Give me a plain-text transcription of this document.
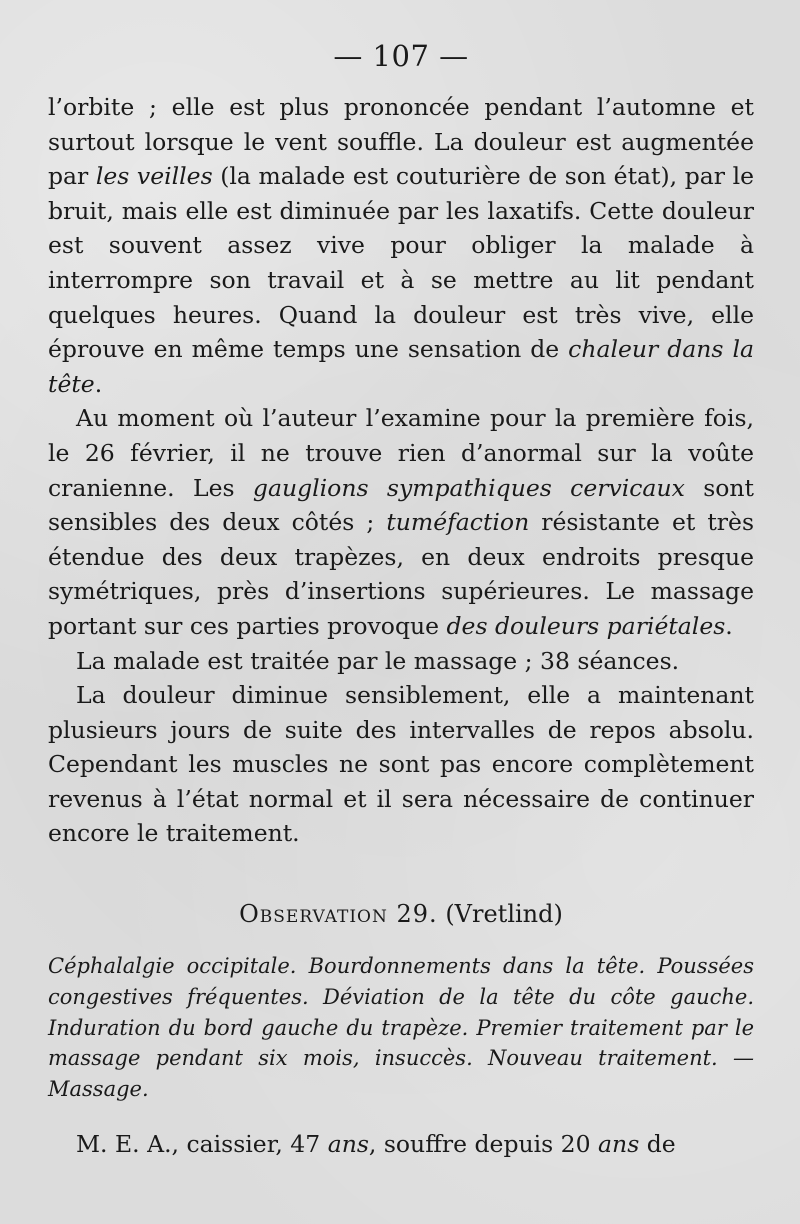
— 107 —

l’orbite ; elle est plus prononcée pendant l’automne et surtout lorsque le vent souffle. La douleur est augmentée par les veilles (la malade est couturière de son état), par le bruit, mais elle est diminuée par les laxatifs. Cette douleur est souvent assez vive pour obliger la malade à interrompre son travail et à se mettre au lit pendant quelques heures. Quand la douleur est très vive, elle éprouve en même temps une sensation de chaleur dans la tête.

Au moment où l’auteur l’examine pour la première fois, le 26 février, il ne trouve rien d’anormal sur la voûte cranienne. Les gauglions sympathiques cervicaux sont sensibles des deux côtés ; tuméfaction résistante et très étendue des deux trapèzes, en deux endroits presque symétriques, près d’insertions supérieures. Le massage portant sur ces parties provoque des douleurs pariétales.

La malade est traitée par le massage ; 38 séances.

La douleur diminue sensiblement, elle a maintenant plusieurs jours de suite des intervalles de repos absolu. Cependant les muscles ne sont pas encore complètement revenus à l’état normal et il sera nécessaire de continuer encore le traitement.

Observation 29. (Vretlind)

Céphalalgie occipitale. Bourdonnements dans la tête. Poussées congestives fréquentes. Déviation de la tête du côte gauche. Induration du bord gauche du trapèze. Premier traitement par le massage pendant six mois, insuccès. Nouveau traitement. — Massage.

M. E. A., caissier, 47 ans, souffre depuis 20 ans de
